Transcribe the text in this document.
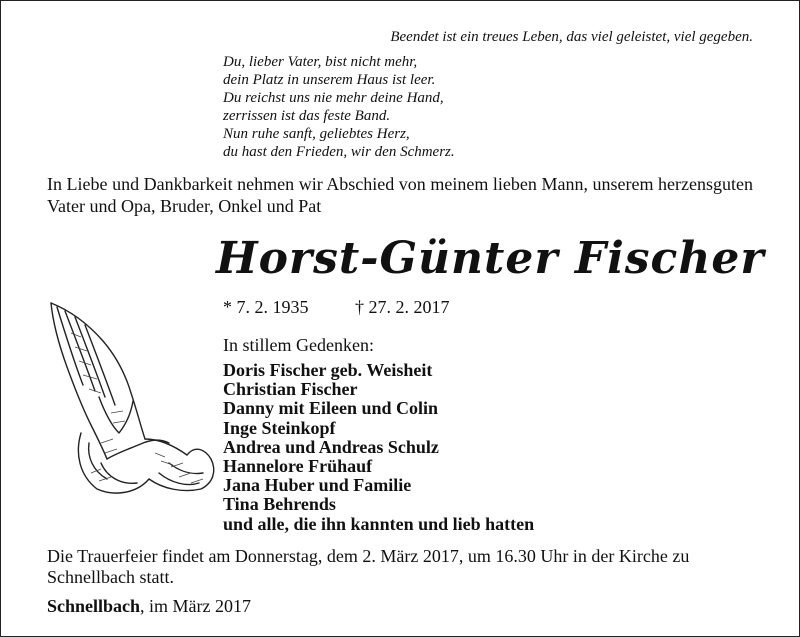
Beendet ist ein treues Leben, das viel geleistet, viel gegeben.
Du, lieber Vater, bist nicht mehr,
dein Platz in unserem Haus ist leer.
Du reichst uns nie mehr deine Hand,
zerrissen ist das feste Band.
Nun ruhe sanft, geliebtes Herz,
du hast den Frieden, wir den Schmerz.
In Liebe und Dankbarkeit nehmen wir Abschied von meinem lieben Mann, unserem herzensguten Vater und Opa, Bruder, Onkel und Pat
Horst-Günter Fischer
* 7. 2. 1935	† 27. 2. 2017
In stillem Gedenken:
Doris Fischer geb. Weisheit
Christian Fischer
Danny mit Eileen und Colin
Inge Steinkopf
Andrea und Andreas Schulz
Hannelore Frühauf
Jana Huber und Familie
Tina Behrends
und alle, die ihn kannten und lieb hatten
Die Trauerfeier findet am Donnerstag, dem 2. März 2017, um 16.30 Uhr in der Kirche zu Schnellbach statt.
Schnellbach, im März 2017
